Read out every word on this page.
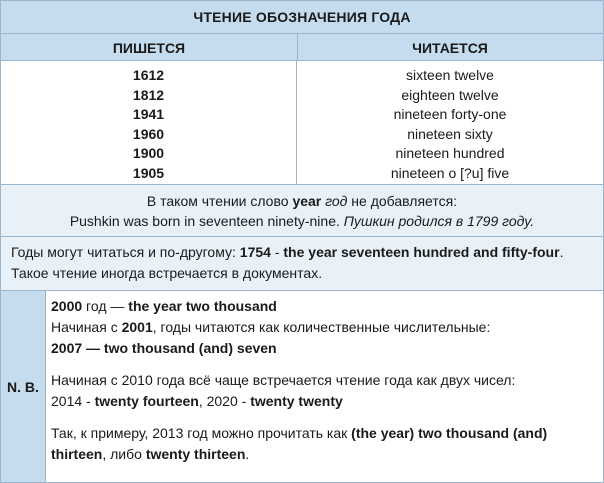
ЧТЕНИЕ ОБОЗНАЧЕНИЯ ГОДА
ПИШЕТСЯ	ЧИТАЕТСЯ
1612
1812
1941
1960
1900
1905
sixteen twelve
eighteen twelve
nineteen forty-one
nineteen sixty
nineteen hundred
nineteen o [?u] five
В таком чтении слово year год не добавляется:
Pushkin was born in seventeen ninety-nine. Пушкин родился в 1799 году.
Годы могут читаться и по-другому: 1754 - the year seventeen hundred and fifty-four. Такое чтение иногда встречается в документах.
N. B.
2000 год — the year two thousand
Начиная с 2001, годы читаются как количественные числительные:
2007 — two thousand (and) seven
Начиная с 2010 года всё чаще встречается чтение года как двух чисел:
2014 - twenty fourteen, 2020 - twenty twenty
Так, к примеру, 2013 год можно прочитать как (the year) two thousand (and) thirteen, либо twenty thirteen.
